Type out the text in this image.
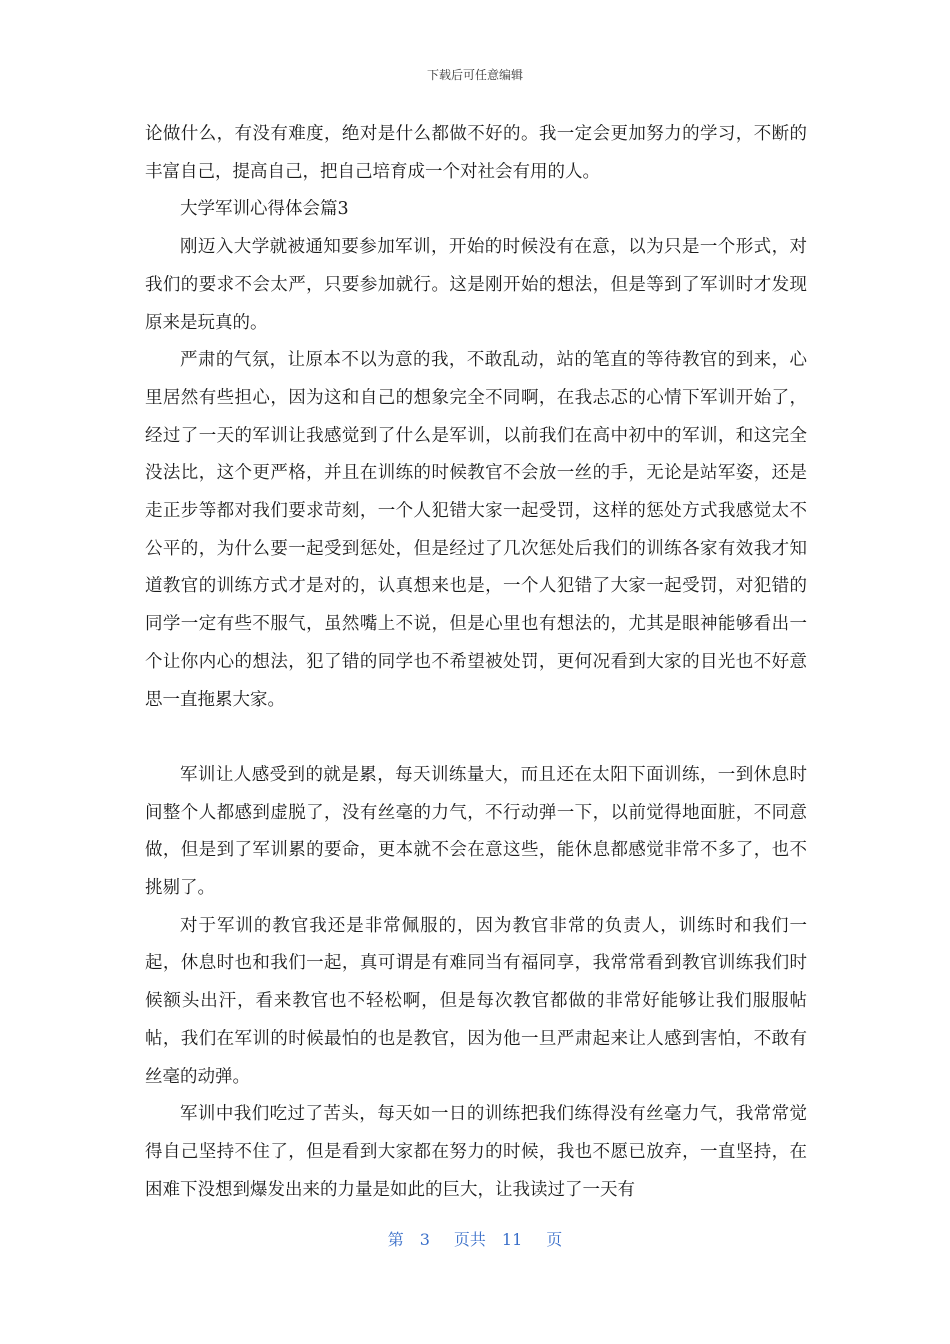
下载后可任意编辑

论做什么，有没有难度，绝对是什么都做不好的。我一定会更加努力的学习，不断的丰富自己，提高自己，把自己培育成一个对社会有用的人。

大学军训心得体会篇3

刚迈入大学就被通知要参加军训，开始的时候没有在意，以为只是一个形式，对我们的要求不会太严，只要参加就行。这是刚开始的想法，但是等到了军训时才发现原来是玩真的。

严肃的气氛，让原本不以为意的我，不敢乱动，站的笔直的等待教官的到来，心里居然有些担心，因为这和自己的想象完全不同啊，在我忐忑的心情下军训开始了，经过了一天的军训让我感觉到了什么是军训，以前我们在高中初中的军训，和这完全没法比，这个更严格，并且在训练的时候教官不会放一丝的手，无论是站军姿，还是走正步等都对我们要求苛刻，一个人犯错大家一起受罚，这样的惩处方式我感觉太不公平的，为什么要一起受到惩处，但是经过了几次惩处后我们的训练各家有效我才知道教官的训练方式才是对的，认真想来也是，一个人犯错了大家一起受罚，对犯错的同学一定有些不服气，虽然嘴上不说，但是心里也有想法的，尤其是眼神能够看出一个让你内心的想法，犯了错的同学也不希望被处罚，更何况看到大家的目光也不好意思一直拖累大家。

军训让人感受到的就是累，每天训练量大，而且还在太阳下面训练，一到休息时间整个人都感到虚脱了，没有丝毫的力气，不行动弹一下，以前觉得地面脏，不同意做，但是到了军训累的要命，更本就不会在意这些，能休息都感觉非常不多了，也不挑剔了。

对于军训的教官我还是非常佩服的，因为教官非常的负责人，训练时和我们一起，休息时也和我们一起，真可谓是有难同当有福同享，我常常看到教官训练我们时候额头出汗，看来教官也不轻松啊，但是每次教官都做的非常好能够让我们服服帖帖，我们在军训的时候最怕的也是教官，因为他一旦严肃起来让人感到害怕，不敢有丝毫的动弹。

军训中我们吃过了苦头，每天如一日的训练把我们练得没有丝毫力气，我常常觉得自己坚持不住了，但是看到大家都在努力的时候，我也不愿已放弃，一直坚持，在困难下没想到爆发出来的力量是如此的巨大，让我读过了一天有

第 3 页共 11 页
